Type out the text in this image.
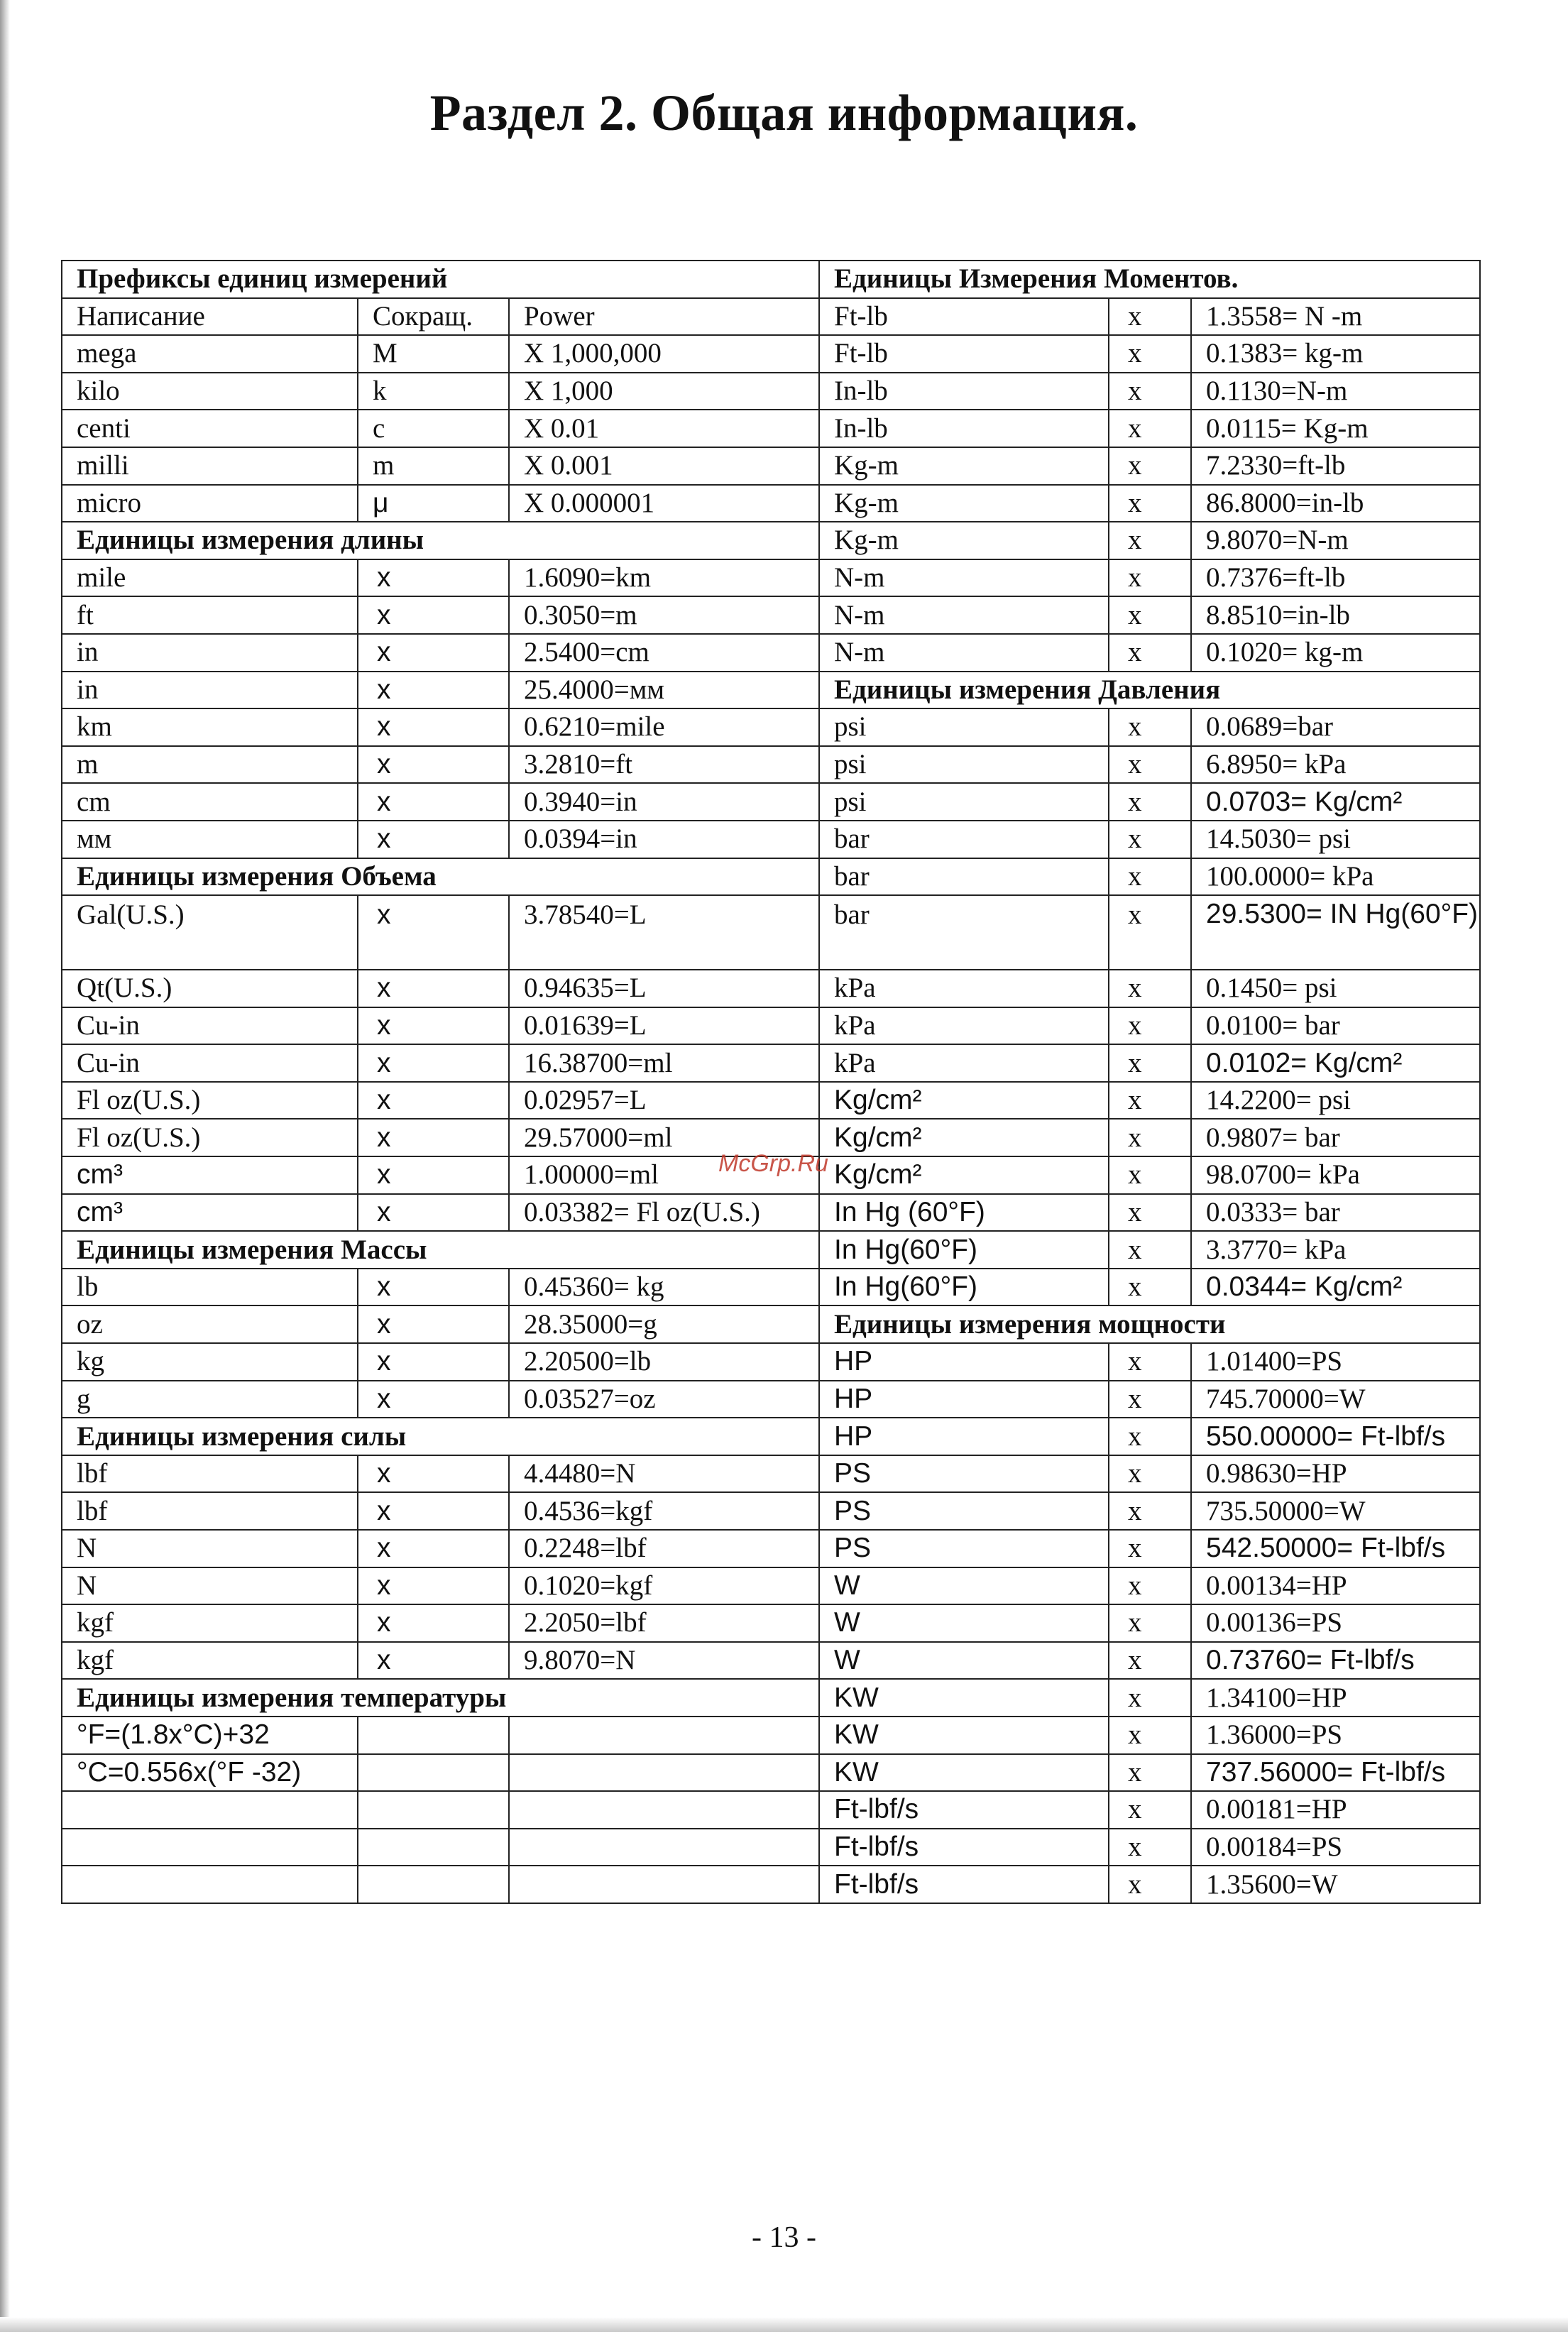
Раздел 2. Общая информация.
Префиксы единиц измерений			Единицы Измерения Моментов.		
Написание	Сокращ.	Power	Ft-lb	x	1.3558= N -m
mega	M	X 1,000,000	Ft-lb	x	0.1383= kg-m
kilo	k	X 1,000	In-lb	x	0.1130=N-m
centi	c	X 0.01	In-lb	x	0.0115= Kg-m
milli	m	X 0.001	Kg-m	x	7.2330=ft-lb
micro	μ	X 0.000001	Kg-m	x	86.8000=in-lb
Единицы измерения длины			Kg-m	x	9.8070=N-m
mile	x	1.6090=km	N-m	x	0.7376=ft-lb
ft	x	0.3050=m	N-m	x	8.8510=in-lb
in	x	2.5400=cm	N-m	x	0.1020= kg-m
in	x	25.4000=мм	Единицы измерения Давления		
km	x	0.6210=mile	psi	x	0.0689=bar
m	x	3.2810=ft	psi	x	6.8950= kPa
cm	x	0.3940=in	psi	x	0.0703= Kg/cm²
мм	x	0.0394=in	bar	x	14.5030= psi
Единицы измерения Объема			bar	x	100.0000= kPa
Gal(U.S.)	x	3.78540=L	bar	x	29.5300= IN Hg(60°F)
Qt(U.S.)	x	0.94635=L	kPa	x	0.1450= psi
Cu-in	x	0.01639=L	kPa	x	0.0100= bar
Cu-in	x	16.38700=ml	kPa	x	0.0102= Kg/cm²
Fl oz(U.S.)	x	0.02957=L	Kg/cm²	x	14.2200= psi
Fl oz(U.S.)	x	29.57000=ml	Kg/cm²	x	0.9807= bar
cm³	x	1.00000=ml	Kg/cm²	x	98.0700= kPa
cm³	x	0.03382= Fl oz(U.S.)	In Hg (60°F)	x	0.0333= bar
Единицы измерения Массы			In Hg(60°F)	x	3.3770= kPa
lb	x	0.45360= kg	In Hg(60°F)	x	0.0344= Kg/cm²
oz	x	28.35000=g	Единицы измерения мощности		
kg	x	2.20500=lb	HP	x	1.01400=PS
g	x	0.03527=oz	HP	x	745.70000=W
Единицы измерения силы			HP	x	550.00000= Ft-lbf/s
lbf	x	4.4480=N	PS	x	0.98630=HP
lbf	x	0.4536=kgf	PS	x	735.50000=W
N	x	0.2248=lbf	PS	x	542.50000= Ft-lbf/s
N	x	0.1020=kgf	W	x	0.00134=HP
kgf	x	2.2050=lbf	W	x	0.00136=PS
kgf	x	9.8070=N	W	x	0.73760= Ft-lbf/s
Единицы измерения температуры			KW	x	1.34100=HP
°F=(1.8x°C)+32			KW	x	1.36000=PS
°C=0.556x(°F -32)			KW	x	737.56000= Ft-lbf/s
			Ft-lbf/s	x	0.00181=HP
			Ft-lbf/s	x	0.00184=PS
			Ft-lbf/s	x	1.35600=W
McGrp.Ru
- 13 -
